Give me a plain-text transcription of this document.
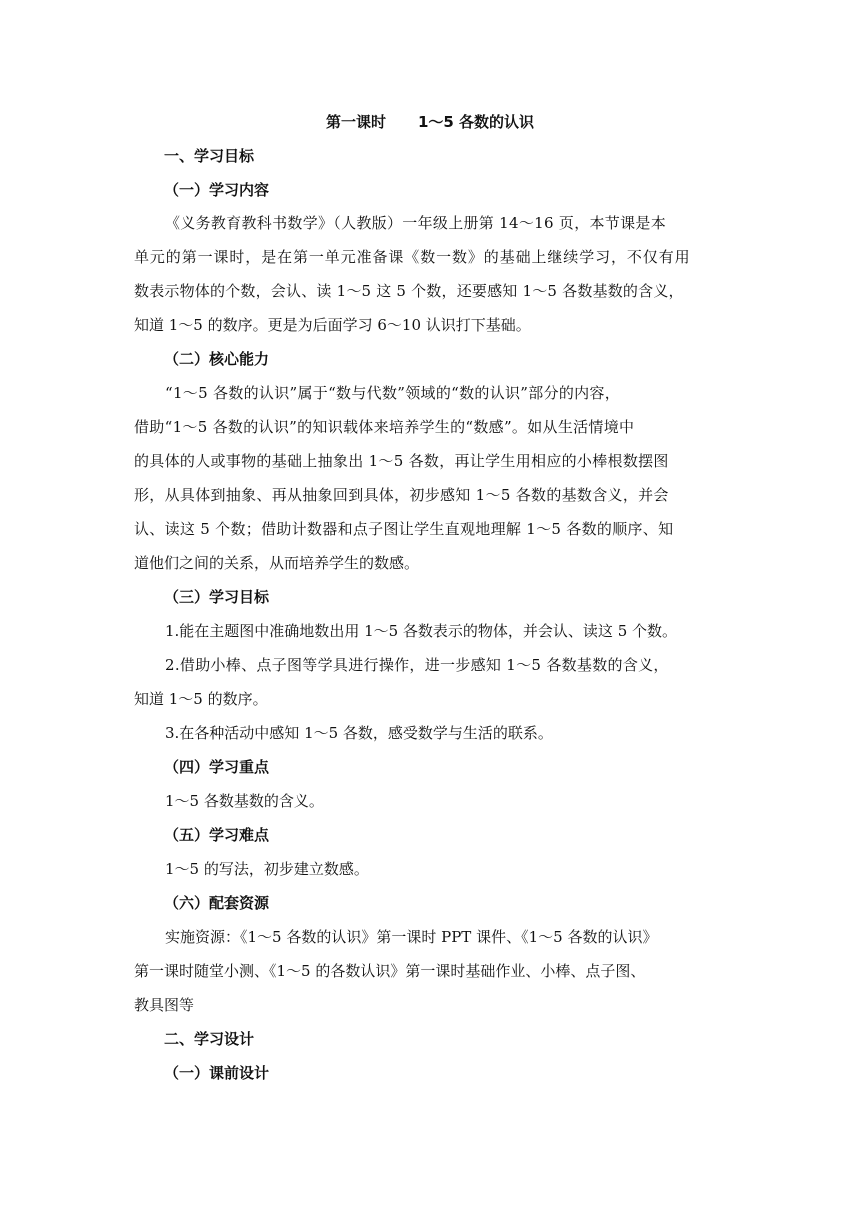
第一课时 1～5 各数的认识

一、学习目标

（一）学习内容

《义务教育教科书数学》（人教版）一年级上册第 14～16 页，本节课是本

单元的第一课时，是在第一单元准备课《数一数》的基础上继续学习，不仅有用

数表示物体的个数，会认、读 1～5 这 5 个数，还要感知 1～5 各数基数的含义，

知道 1～5 的数序。更是为后面学习 6～10 认识打下基础。

（二）核心能力

“1～5 各数的认识”属于“数与代数”领域的“数的认识”部分的内容，

借助“1～5 各数的认识”的知识载体来培养学生的“数感”。如从生活情境中

的具体的人或事物的基础上抽象出 1～5 各数，再让学生用相应的小棒根数摆图

形，从具体到抽象、再从抽象回到具体，初步感知 1～5 各数的基数含义，并会

认、读这 5 个数；借助计数器和点子图让学生直观地理解 1～5 各数的顺序、知

道他们之间的关系，从而培养学生的数感。

（三）学习目标

1.能在主题图中准确地数出用 1～5 各数表示的物体，并会认、读这 5 个数。

2.借助小棒、点子图等学具进行操作，进一步感知 1～5 各数基数的含义，

知道 1～5 的数序。

3.在各种活动中感知 1～5 各数，感受数学与生活的联系。

（四）学习重点

1～5 各数基数的含义。

（五）学习难点

1～5 的写法，初步建立数感。

（六）配套资源

实施资源：《1～5 各数的认识》第一课时 PPT 课件、《1～5 各数的认识》

第一课时随堂小测、《1～5 的各数认识》第一课时基础作业、小棒、点子图、

教具图等

二、学习设计

（一）课前设计
